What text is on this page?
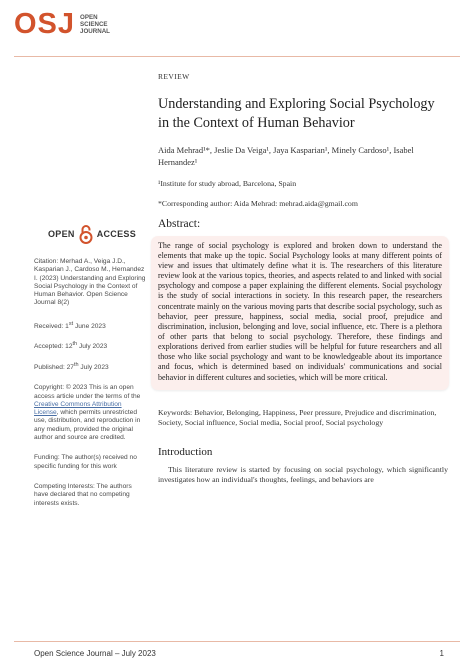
OSJ OPEN
SCIENCE
JOURNAL
OPEN ACCESS

Citation: Merhad A., Veiga J.D., Kasparian J., Cardoso M., Hernandez I. (2023) Understanding and Exploring Social Psychology in the Context of Human Behavior. Open Science Journal 8(2)

Received: 1st June 2023

Accepted: 12th July 2023

Published: 27th July 2023

Copyright: © 2023 This is an open access article under the terms of the Creative Commons Attribution License, which permits unrestricted use, distribution, and reproduction in any medium, provided the original author and source are credited.

Funding: The author(s) received no specific funding for this work

Competing Interests: The authors have declared that no competing interests exists.

REVIEW
Understanding and Exploring Social Psychology in the Context of Human Behavior
Aida Mehrad¹*, Jeslie Da Veiga¹, Jaya Kasparian¹, Minely Cardoso¹, Isabel Hernandez¹
¹Institute for study abroad, Barcelona, Spain
*Corresponding author: Aida Mehrad: mehrad.aida@gmail.com
Abstract:

The range of social psychology is explored and broken down to understand the elements that make up the topic. Social Psychology looks at many different points of view and issues that ultimately define what it is. The researchers of this literature review look at the various topics, theories, and aspects related to and linked with social psychology and compose a paper explaining the different elements. Social psychology is the study of social interactions in society. In this research paper, the researchers concentrate mainly on the various moving parts that describe social psychology, such as behavior, peer pressure, happiness, social media, social proof, prejudice and discrimination, inclusion, belonging and love, social influence, etc. There is a plethora of other parts that belong to social psychology. Therefore, these findings and explorations derived from earlier studies will be helpful for future researchers and all those who like social psychology and want to be knowledgeable about its importance and focus, which is determined based on individuals' communications and social behavior in different cultures and societies, which will be more critical.

Keywords: Behavior, Belonging, Happiness, Peer pressure, Prejudice and discrimination, Society, Social influence, Social media, Social proof, Social psychology

Introduction

This literature review is started by focusing on social psychology, which significantly investigates how an individual's thoughts, feelings, and behaviors are

Open Science Journal – July 2023	1
